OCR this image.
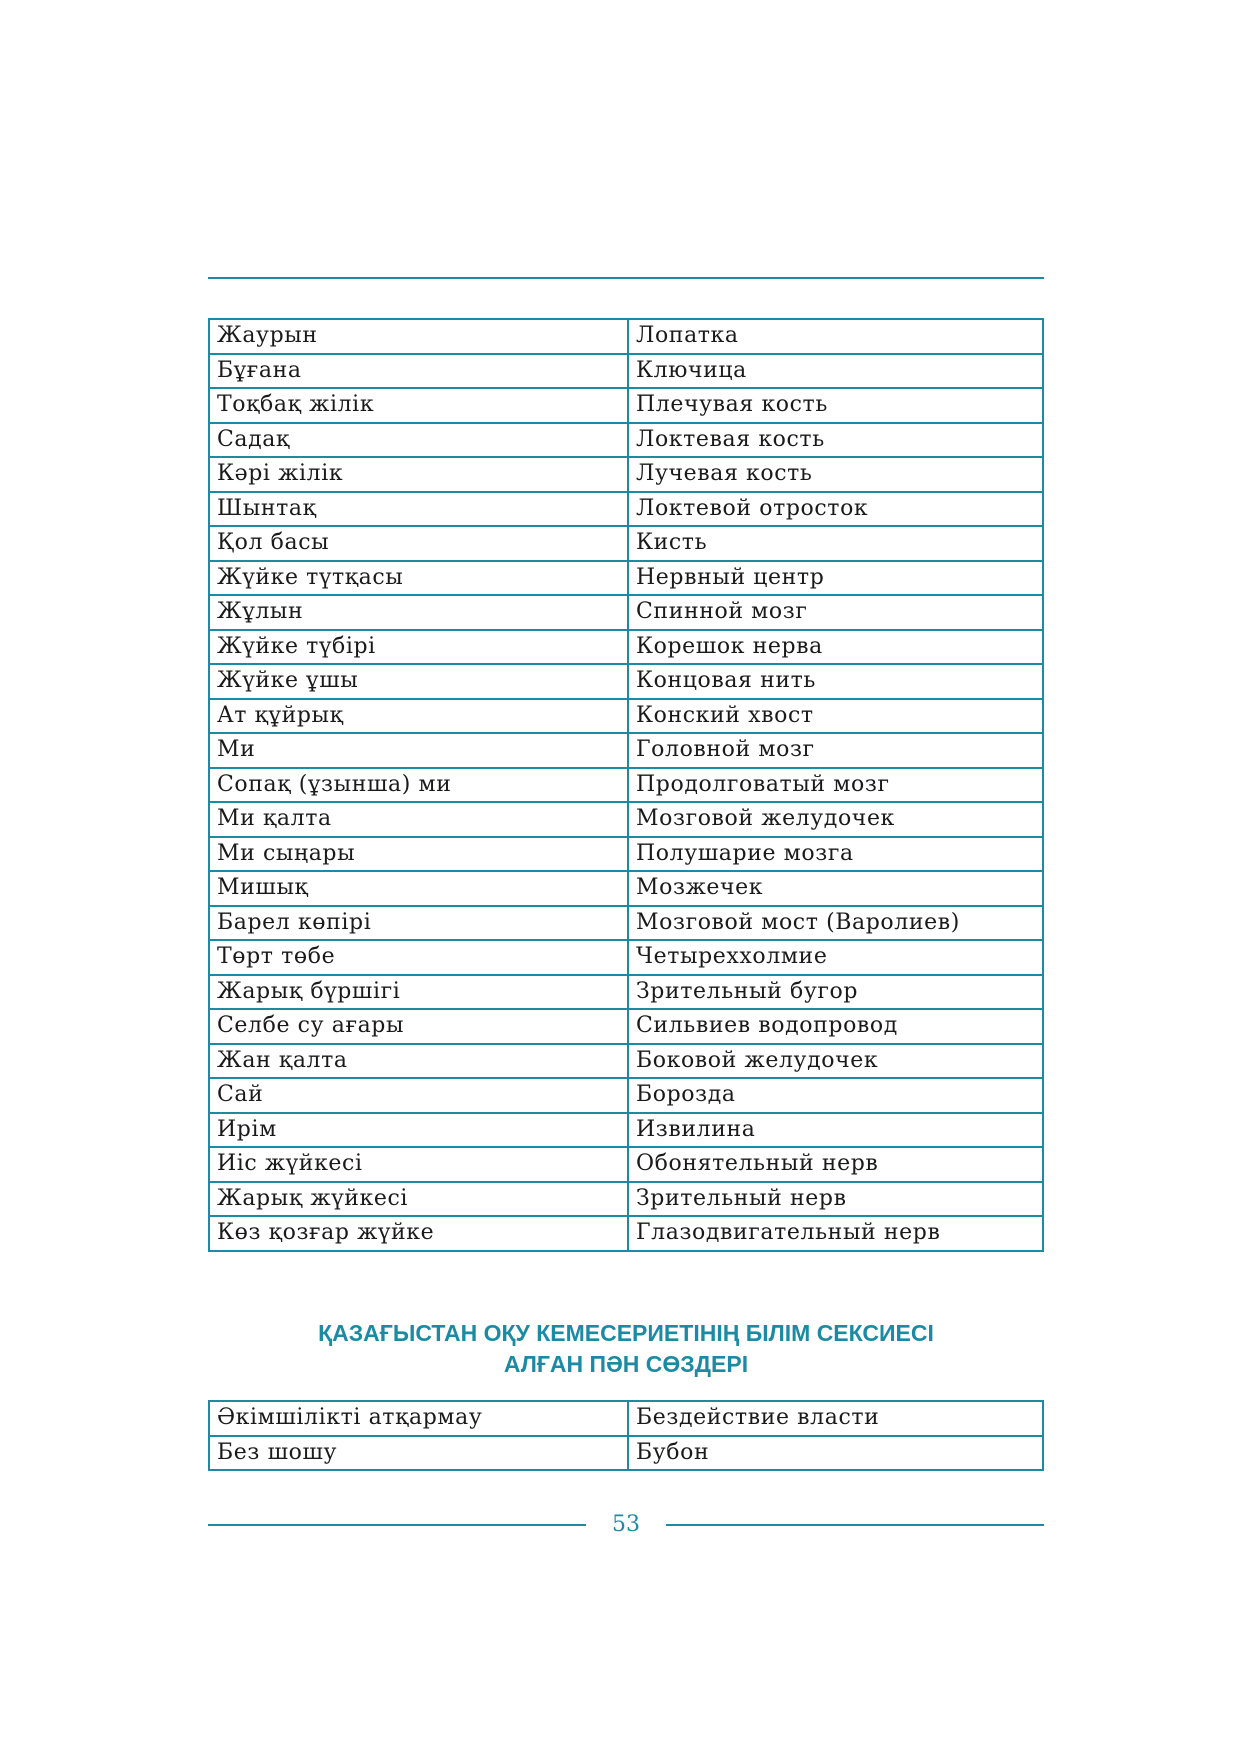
Жаурын	Лопатка
Бұғана	Ключица
Тоқбақ жілік	Плечувая кость
Садақ	Локтевая кость
Кәрі жілік	Лучевая кость
Шынтақ	Локтевой отросток
Қол басы	Кисть
Жүйке түтқасы	Нервный центр
Жұлын	Спинной мозг
Жүйке түбірі	Корешок нерва
Жүйке ұшы	Концовая нить
Ат құйрық	Конский хвост
Ми	Головной мозг
Сопақ (ұзынша) ми	Продолговатый мозг
Ми қалта	Мозговой желудочек
Ми сыңары	Полушарие мозга
Мишық	Мозжечек
Барел көпірі	Мозговой мост (Варолиев)
Төрт төбе	Четыреххолмие
Жарық бүршігі	Зрительный бугор
Селбе су ағары	Сильвиев водопровод
Жан қалта	Боковой желудочек
Сай	Борозда
Ирім	Извилина
Иіс жүйкесі	Обонятельный нерв
Жарық жүйкесі	Зрительный нерв
Көз қозғар жүйке	Глазодвигательный нерв
ҚАЗАҒЫСТАН ОҚУ КЕМЕСЕРИЕТІНІҢ БІЛІМ СЕКСИЕСІ
АЛҒАН ПӘН СӨЗДЕРІ
Әкімшілікті атқармау	Бездействие власти
Без шошу	Бубон
53
